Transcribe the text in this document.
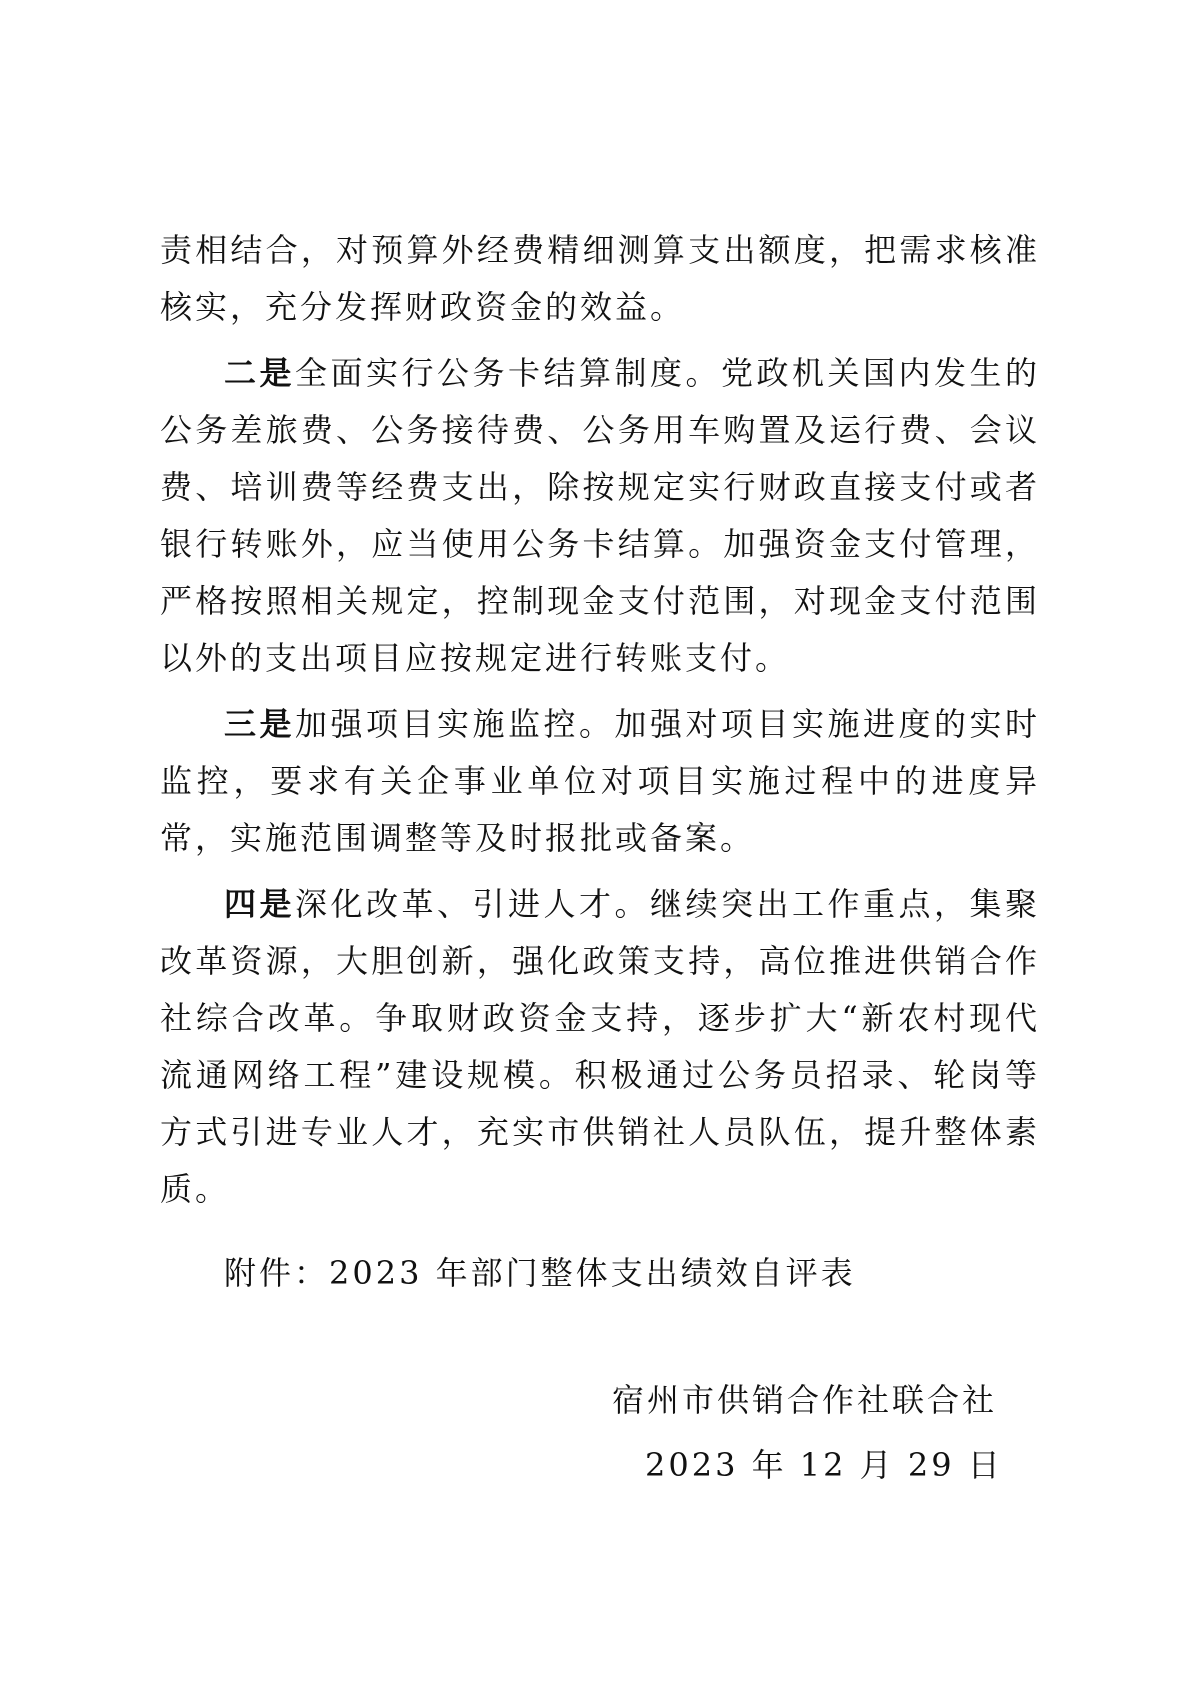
责相结合，对预算外经费精细测算支出额度，把需求核准核实，充分发挥财政资金的效益。

二是全面实行公务卡结算制度。党政机关国内发生的公务差旅费、公务接待费、公务用车购置及运行费、会议费、培训费等经费支出，除按规定实行财政直接支付或者银行转账外，应当使用公务卡结算。加强资金支付管理，严格按照相关规定，控制现金支付范围，对现金支付范围以外的支出项目应按规定进行转账支付。

三是加强项目实施监控。加强对项目实施进度的实时监控，要求有关企事业单位对项目实施过程中的进度异常，实施范围调整等及时报批或备案。

四是深化改革、引进人才。继续突出工作重点，集聚改革资源，大胆创新，强化政策支持，高位推进供销合作社综合改革。争取财政资金支持，逐步扩大“新农村现代流通网络工程”建设规模。积极通过公务员招录、轮岗等方式引进专业人才，充实市供销社人员队伍，提升整体素质。

附件：2023 年部门整体支出绩效自评表
宿州市供销合作社联合社
2023 年 12 月 29 日
